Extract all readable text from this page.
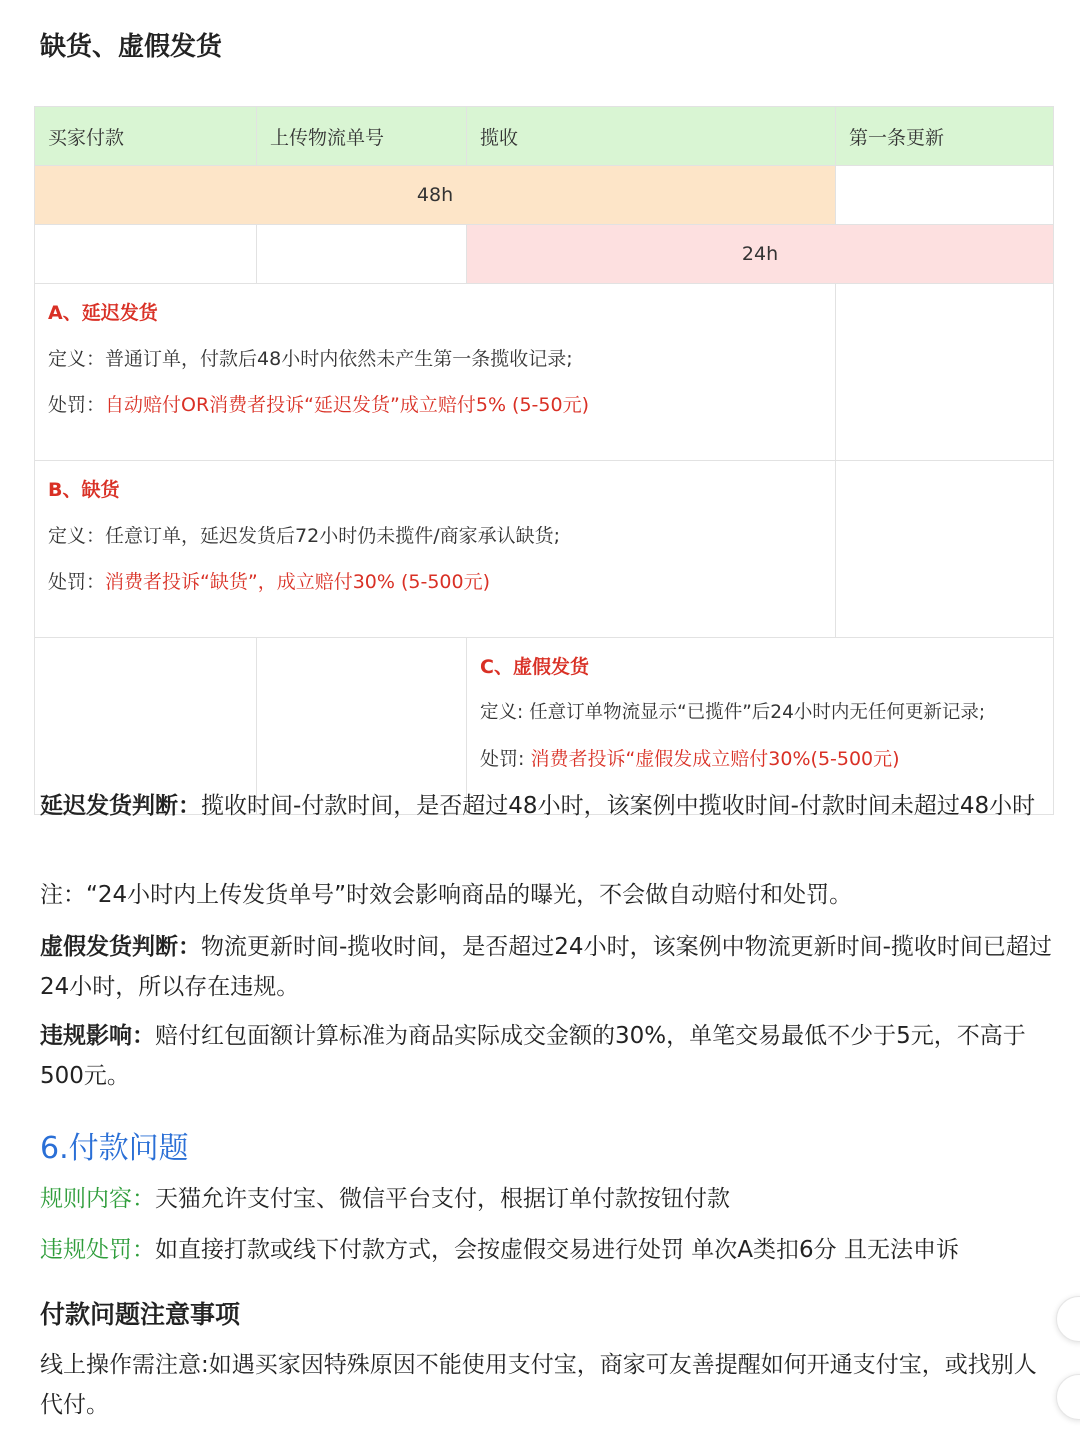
缺货、虚假发货
买家付款	上传物流单号	揽收	第一条更新
48h			
		24h	

A、延迟发货
定义：普通订单，付款后48小时内依然未产生第一条揽收记录;
处罚：自动赔付OR消费者投诉“延迟发货”成立赔付5% (5-50元)			

B、缺货
定义：任意订单，延迟发货后72小时仍未揽件/商家承认缺货;
处罚：消费者投诉“缺货”，成立赔付30% (5-500元)			

		C、虚假发货
定义: 任意订单物流显示“已揽件”后24小时内无任何更新记录;
处罚: 消费者投诉“虚假发成立赔付30%(5-500元)	

延迟发货判断：揽收时间-付款时间，是否超过48小时，该案例中揽收时间-付款时间未超过48小时

注：“24小时内上传发货单号”时效会影响商品的曝光，不会做自动赔付和处罚。

虚假发货判断：物流更新时间-揽收时间，是否超过24小时，该案例中物流更新时间-揽收时间已超过24小时，所以存在违规。

违规影响：赔付红包面额计算标准为商品实际成交金额的30%，单笔交易最低不少于5元，不高于500元。

6.付款问题

规则内容：天猫允许支付宝、微信平台支付，根据订单付款按钮付款

违规处罚：如直接打款或线下付款方式，会按虚假交易进行处罚 单次A类扣6分 且无法申诉

付款问题注意事项

线上操作需注意:如遇买家因特殊原因不能使用支付宝，商家可友善提醒如何开通支付宝，或找别人代付。
